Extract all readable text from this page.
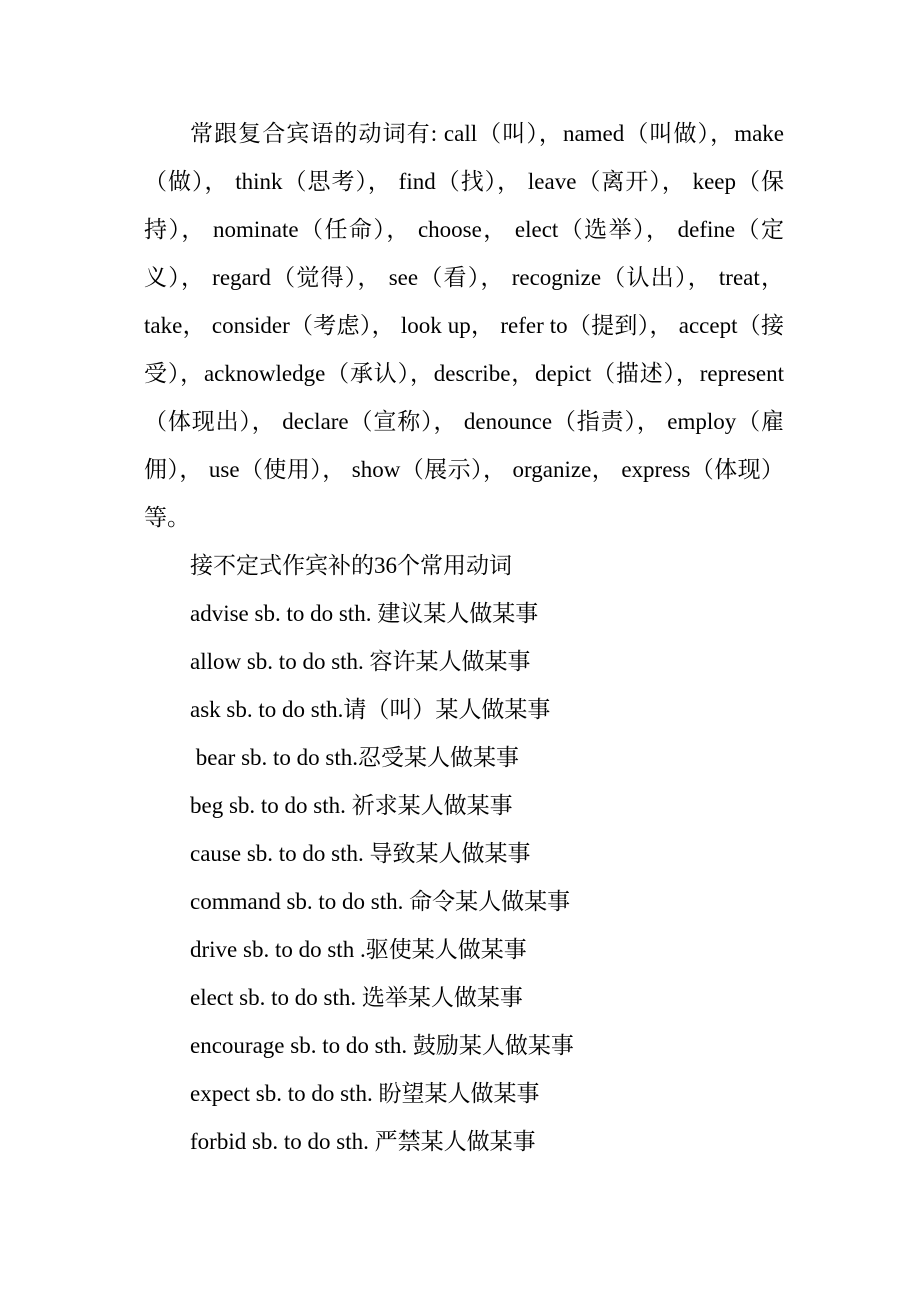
常跟复合宾语的动词有: call（叫），named（叫做），make（做）， think（思考）， find（找）， leave（离开）， keep（保持）， nominate（任命）， choose， elect（选举）， define（定义）， regard（觉得）， see（看）， recognize（认出）， treat， take， consider（考虑）， look up， refer to（提到）， accept（接受），acknowledge（承认），describe，depict（描述），represent（体现出）， declare（宣称）， denounce（指责）， employ（雇佣）， use（使用）， show（展示）， organize， express（体现）等。

接不定式作宾补的36个常用动词

advise sb. to do sth. 建议某人做某事

allow sb. to do sth. 容许某人做某事

ask sb. to do sth.请（叫）某人做某事

bear sb. to do sth.忍受某人做某事

beg sb. to do sth. 祈求某人做某事

cause sb. to do sth. 导致某人做某事

command sb. to do sth. 命令某人做某事

drive sb. to do sth .驱使某人做某事

elect sb. to do sth. 选举某人做某事

encourage sb. to do sth. 鼓励某人做某事

expect sb. to do sth. 盼望某人做某事

forbid sb. to do sth. 严禁某人做某事
